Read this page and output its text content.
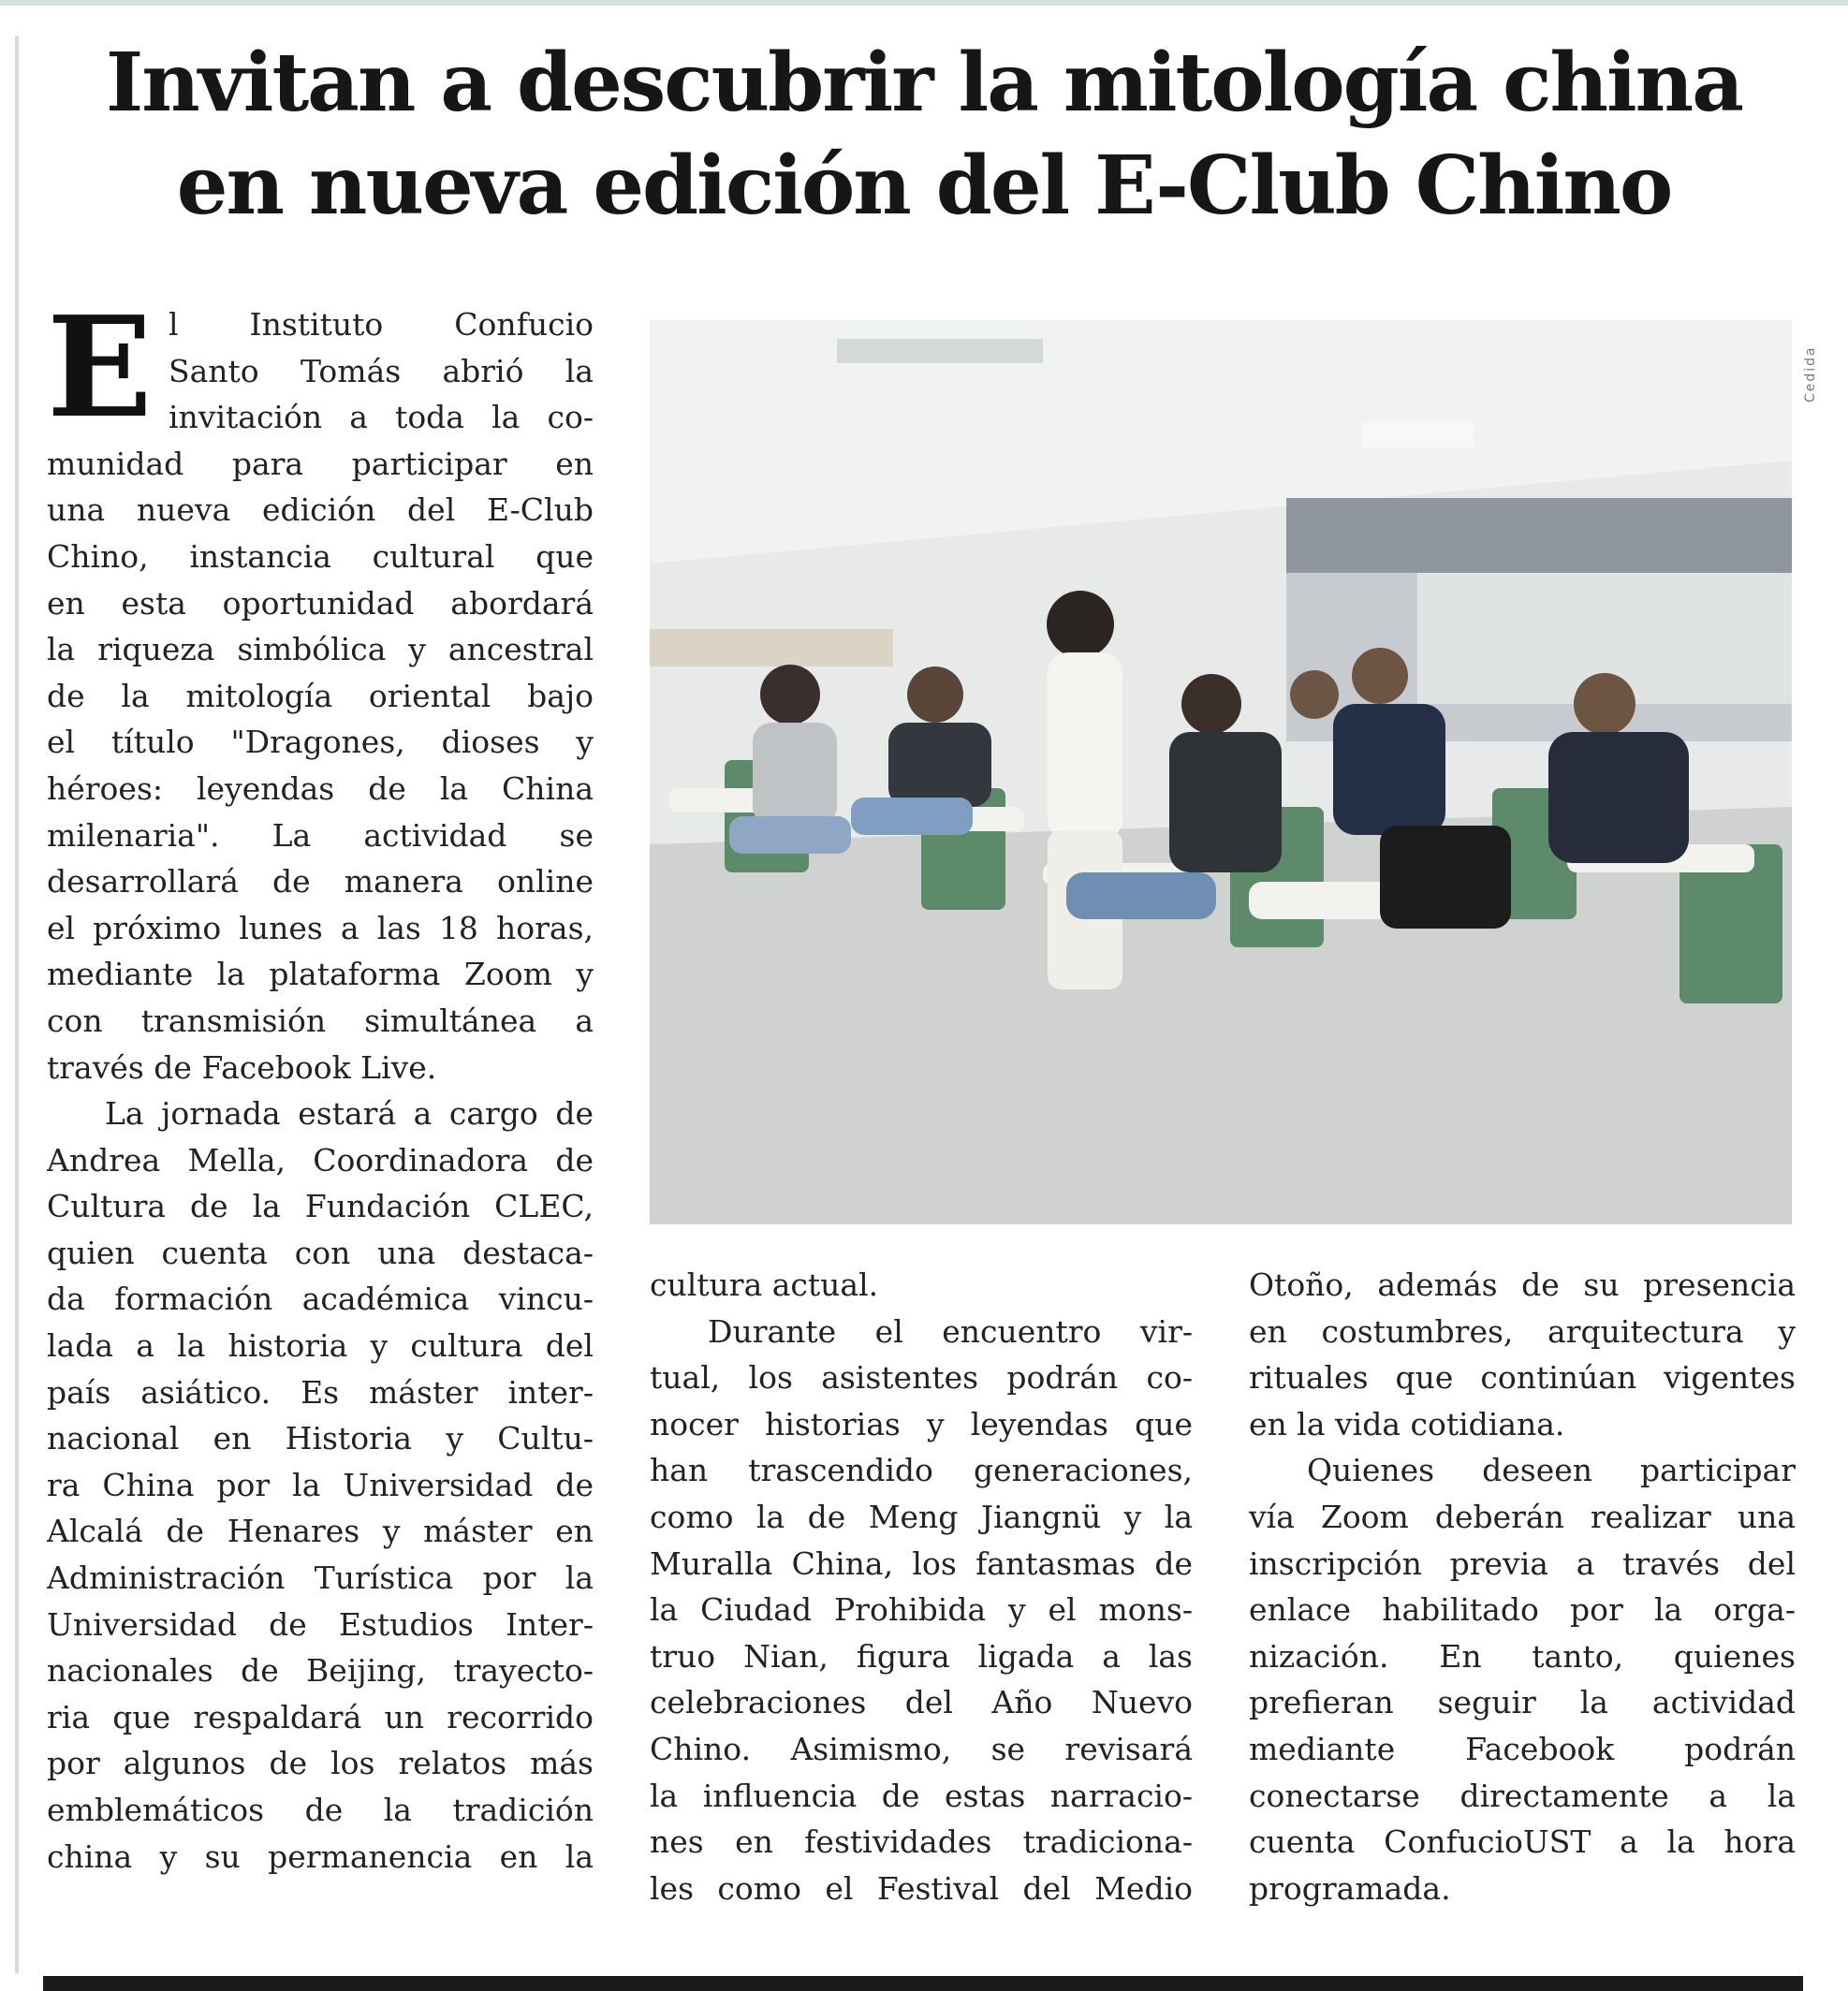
Invitan a descubrir la mitología china
en nueva edición del E-Club Chino
E l Instituto Confucio
Santo Tomás abrió la
invitación a toda la co-
munidad para participar en
una nueva edición del E-Club
Chino, instancia cultural que
en esta oportunidad abordará
la riqueza simbólica y ancestral
de la mitología oriental bajo
el título "Dragones, dioses y
héroes: leyendas de la China
milenaria". La actividad se
desarrollará de manera online
el próximo lunes a las 18 horas,
mediante la plataforma Zoom y
con transmisión simultánea a
través de Facebook Live.
La jornada estará a cargo de
Andrea Mella, Coordinadora de
Cultura de la Fundación CLEC,
quien cuenta con una destaca-
da formación académica vincu-
lada a la historia y cultura del
país asiático. Es máster inter-
nacional en Historia y Cultu-
ra China por la Universidad de
Alcalá de Henares y máster en
Administración Turística por la
Universidad de Estudios Inter-
nacionales de Beijing, trayecto-
ria que respaldará un recorrido
por algunos de los relatos más
emblemáticos de la tradición
china y su permanencia en la
Cedida
cultura actual.
Durante el encuentro vir-
tual, los asistentes podrán co-
nocer historias y leyendas que
han trascendido generaciones,
como la de Meng Jiangnü y la
Muralla China, los fantasmas de
la Ciudad Prohibida y el mons-
truo Nian, figura ligada a las
celebraciones del Año Nuevo
Chino. Asimismo, se revisará
la influencia de estas narracio-
nes en festividades tradiciona-
les como el Festival del Medio
Otoño, además de su presencia
en costumbres, arquitectura y
rituales que continúan vigentes
en la vida cotidiana.
Quienes deseen participar
vía Zoom deberán realizar una
inscripción previa a través del
enlace habilitado por la orga-
nización. En tanto, quienes
prefieran seguir la actividad
mediante Facebook podrán
conectarse directamente a la
cuenta ConfucioUST a la hora
programada.
